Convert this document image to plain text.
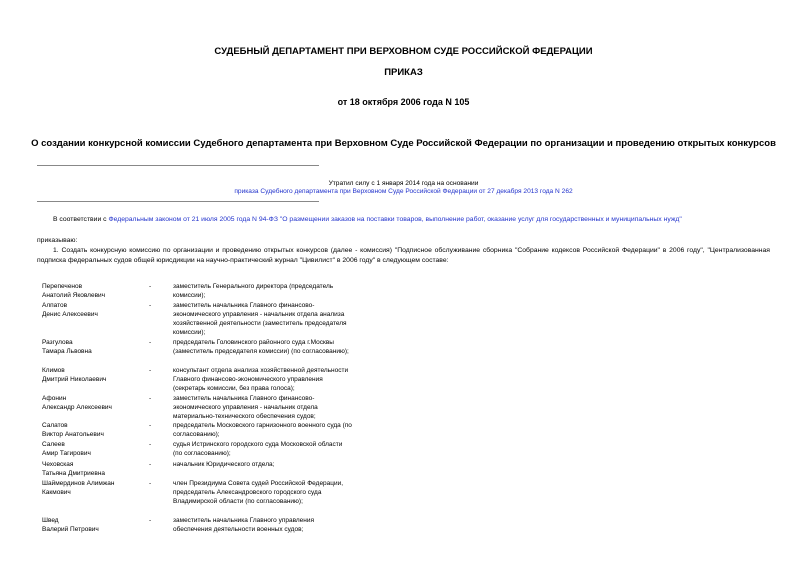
СУДЕБНЫЙ ДЕПАРТАМЕНТ ПРИ ВЕРХОВНОМ СУДЕ РОССИЙСКОЙ ФЕДЕРАЦИИ
ПРИКАЗ
от 18 октября 2006 года N 105
О создании конкурсной комиссии Судебного департамента при Верховном Суде Российской Федерации по организации и проведению открытых конкурсов
Утратил силу с 1 января 2014 года на основании
приказа Судебного департамента при Верховном Суде Российской Федерации от 27 декабря 2013 года N 262
В соответствии с Федеральным законом от 21 июля 2005 года N 94-ФЗ "О размещении заказов на поставки товаров, выполнение работ, оказание услуг для государственных и муниципальных нужд"
приказываю:
1. Создать конкурсную комиссию по организации и проведению открытых конкурсов (далее - комиссия) "Подписное обслуживание сборника "Собрание кодексов Российской Федерации" в 2006 году", "Централизованная подписка федеральных судов общей юрисдикции на научно-практический журнал "Цивилист" в 2006 году" в следующем составе:
Перепеченов
Анатолий Яковлевич
-	заместитель Генерального директора (председатель комиссии);
Алпатов
Денис Алексеевич
-	заместитель начальника Главного финансово-экономического управления - начальник отдела анализа хозяйственной деятельности (заместитель председателя комиссии);
Разгулова
Тамара Львовна
-	председатель Головинского районного суда г.Москвы (заместитель председателя комиссии) (по согласованию);
Климов
Дмитрий Николаевич
-	консультант отдела анализа хозяйственной деятельности Главного финансово-экономического управления (секретарь комиссии, без права голоса);
Афонин
Александр Алексеевич
-	заместитель начальника Главного финансово-экономического управления - начальник отдела материально-технического обеспечения судов;
Салатов
Виктор Анатольевич
-	председатель Московского гарнизонного военного суда (по согласованию);
Салеев
Амир Тагирович
-	судья Истринского городского суда Московской области (по согласованию);
Чеховская
Татьяна Дмитриевна
-	начальник Юридического отдела;
Шаймердинов Алимжан
Какмович
-	член Президиума Совета судей Российской Федерации, председатель Александровского городского суда Владимирской области (по согласованию);
Швед
Валерий Петрович
-	заместитель начальника Главного управления обеспечения деятельности военных судов;
